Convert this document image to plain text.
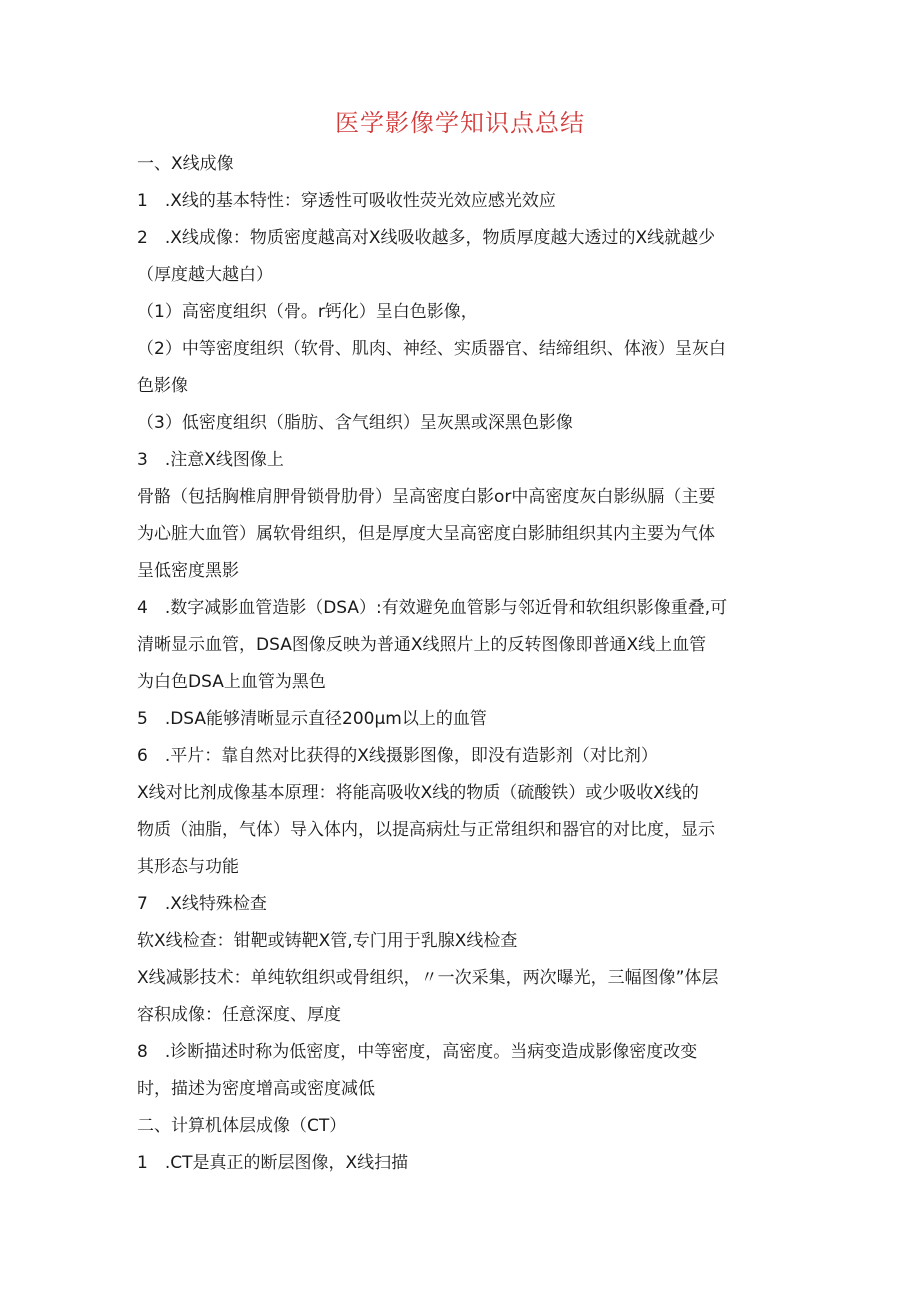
医学影像学知识点总结
一、X线成像
1　.X线的基本特性：穿透性可吸收性荧光效应感光效应
2　.X线成像：物质密度越高对X线吸收越多，物质厚度越大透过的X线就越少
（厚度越大越白）
（1）高密度组织（骨。r钙化）呈白色影像，
（2）中等密度组织（软骨、肌肉、神经、实质器官、结缔组织、体液）呈灰白
色影像
（3）低密度组织（脂肪、含气组织）呈灰黑或深黑色影像
3　.注意X线图像上
骨骼（包括胸椎肩胛骨锁骨肋骨）呈高密度白影or中高密度灰白影纵膈（主要
为心脏大血管）属软骨组织，但是厚度大呈高密度白影肺组织其内主要为气体
呈低密度黑影
4　.数字减影血管造影（DSA）:有效避免血管影与邻近骨和软组织影像重叠,可
清晰显示血管，DSA图像反映为普通X线照片上的反转图像即普通X线上血管
为白色DSA上血管为黑色
5　.DSA能够清晰显示直径200μm以上的血管
6　.平片：靠自然对比获得的X线摄影图像，即没有造影剂（对比剂）
X线对比剂成像基本原理：将能高吸收X线的物质（硫酸铁）或少吸收X线的
物质（油脂，气体）导入体内，以提高病灶与正常组织和器官的对比度，显示
其形态与功能
7　.X线特殊检查
软X线检查：钳靶或铸靶X管,专门用于乳腺X线检查
X线减影技术：单纯软组织或骨组织，〃一次采集，两次曝光，三幅图像”体层
容积成像：任意深度、厚度
8　.诊断描述时称为低密度，中等密度，高密度。当病变造成影像密度改变
时，描述为密度增高或密度减低
二、计算机体层成像（CT）
1　.CT是真正的断层图像，X线扫描
